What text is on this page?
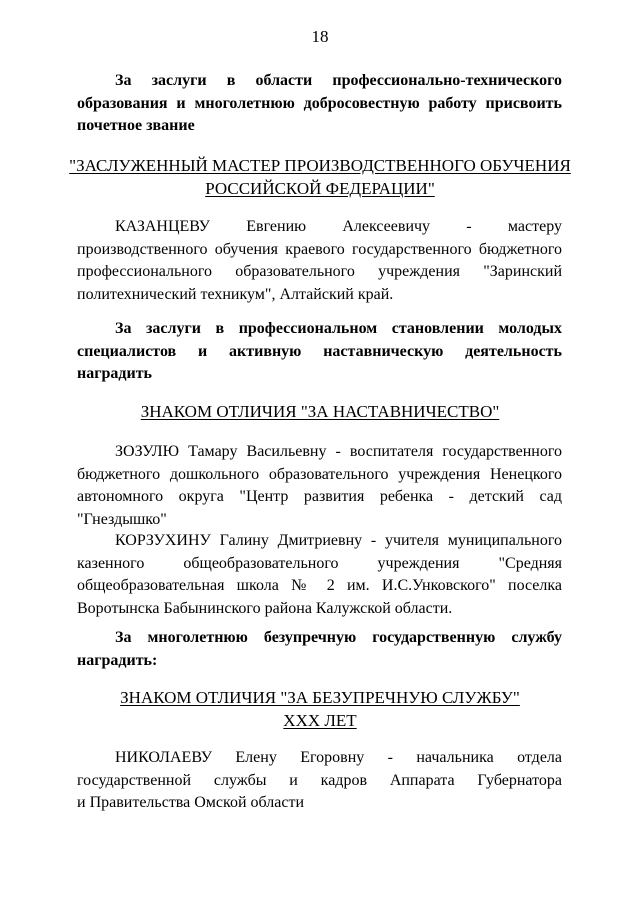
18
За заслуги в области профессионально-технического
образования и многолетнюю добросовестную работу присвоить
почетное звание
"ЗАСЛУЖЕННЫЙ МАСТЕР ПРОИЗВОДСТВЕННОГО ОБУЧЕНИЯ
РОССИЙСКОЙ ФЕДЕРАЦИИ"
КАЗАНЦЕВУ Евгению Алексеевичу - мастеру
производственного обучения краевого государственного бюджетного
профессионального образовательного учреждения "Заринский
политехнический техникум", Алтайский край.
За заслуги в профессиональном становлении молодых
специалистов и активную наставническую деятельность
наградить
ЗНАКОМ ОТЛИЧИЯ "ЗА НАСТАВНИЧЕСТВО"
ЗОЗУЛЮ Тамару Васильевну - воспитателя государственного
бюджетного дошкольного образовательного учреждения Ненецкого
автономного округа "Центр развития ребенка - детский сад
"Гнездышко"
КОРЗУХИНУ Галину Дмитриевну - учителя муниципального
казенного общеобразовательного учреждения "Средняя
общеобразовательная школа № 2 им. И.С.Унковского" поселка
Воротынска Бабынинского района Калужской области.
За многолетнюю безупречную государственную службу
наградить:
ЗНАКОМ ОТЛИЧИЯ "ЗА БЕЗУПРЕЧНУЮ СЛУЖБУ"
XXX ЛЕТ
НИКОЛАЕВУ Елену Егоровну - начальника отдела
государственной службы и кадров Аппарата Губернатора
и Правительства Омской области
